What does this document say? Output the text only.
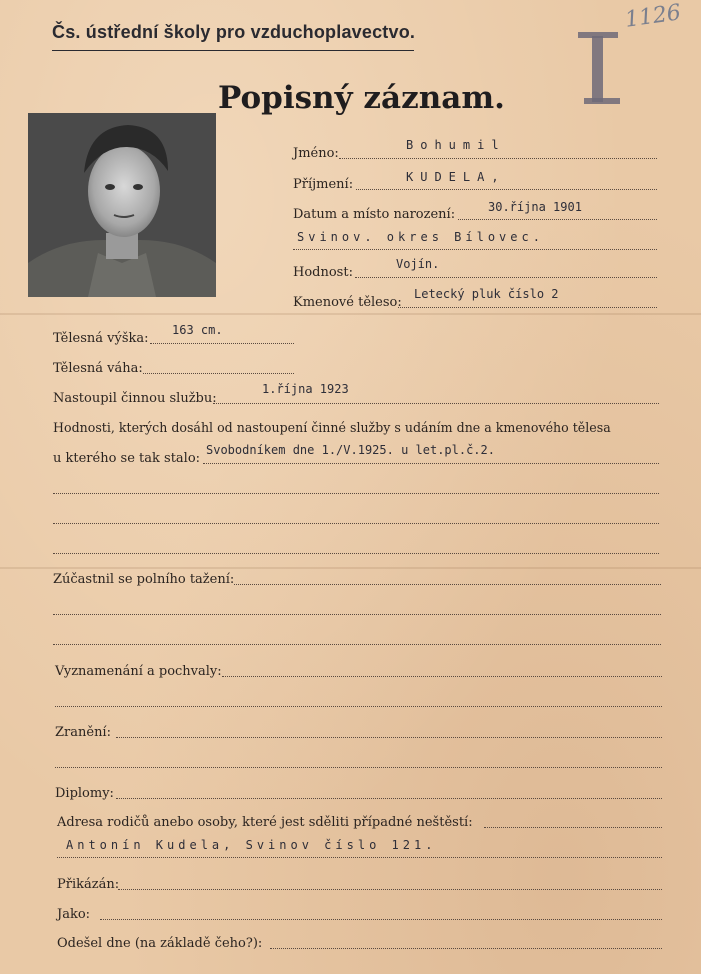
Čs. ústřední školy pro vzduchoplavectvo.	1126
Popisný záznam.
Jméno:
Bohumil
Příjmení:	KUDELA,
Datum a místo narození:	30.října 1901
Svinov. okres Bílovec.
Hodnost:
Vojín.
Kmenové těleso:
Letecký pluk číslo 2
Tělesná výška:
163 cm.
Tělesná váha:
Nastoupil činnou službu:
1.října 1923
Hodnosti, kterých dosáhl od nastoupení činné služby s udáním dne a kmenového tělesa
u kterého se tak stalo:
Svobodníkem dne 1./V.1925. u let.pl.č.2.
Zúčastnil se polního tažení:
Vyznamenání a pochvaly:
Zranění:
Diplomy:
Adresa rodičů anebo osoby, které jest sděliti případné neštěstí:
Antonín Kudela, Svinov číslo 121.
Přikázán:
Jako:
Odešel dne (na základě čeho?):
